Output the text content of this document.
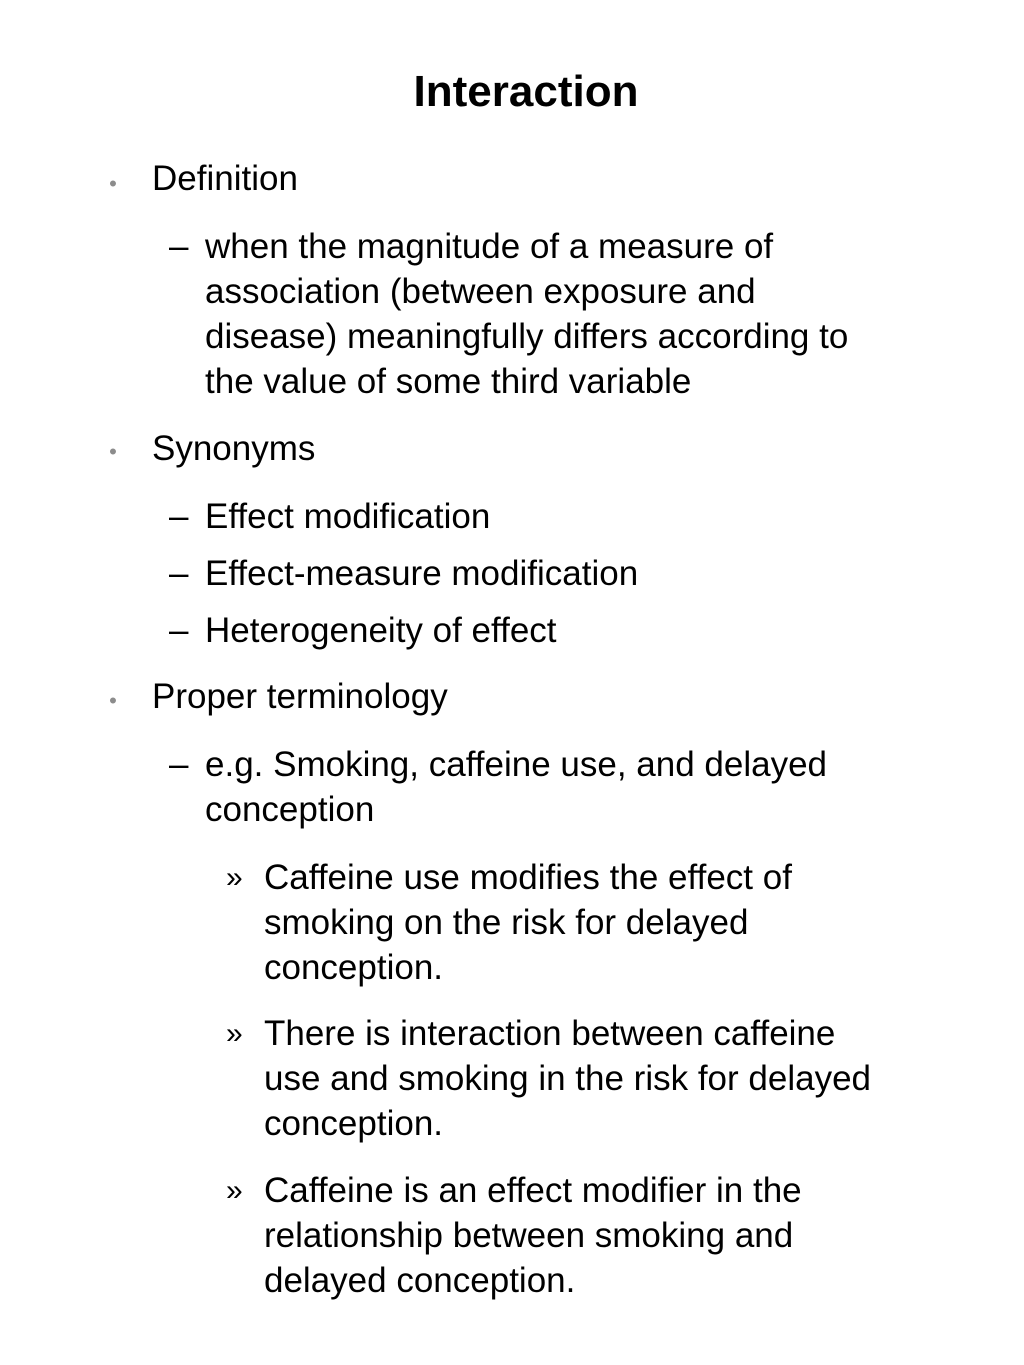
Interaction
• Definition
– when the magnitude of a measure of
association (between exposure and
disease) meaningfully differs according to
the value of some third variable
• Synonyms
– Effect modification
– Effect-measure modification
– Heterogeneity of effect
• Proper terminology
– e.g. Smoking, caffeine use, and delayed
conception
» Caffeine use modifies the effect of
smoking on the risk for delayed
conception.
» There is interaction between caffeine
use and smoking in the risk for delayed
conception.
» Caffeine is an effect modifier in the
relationship between smoking and
delayed conception.
